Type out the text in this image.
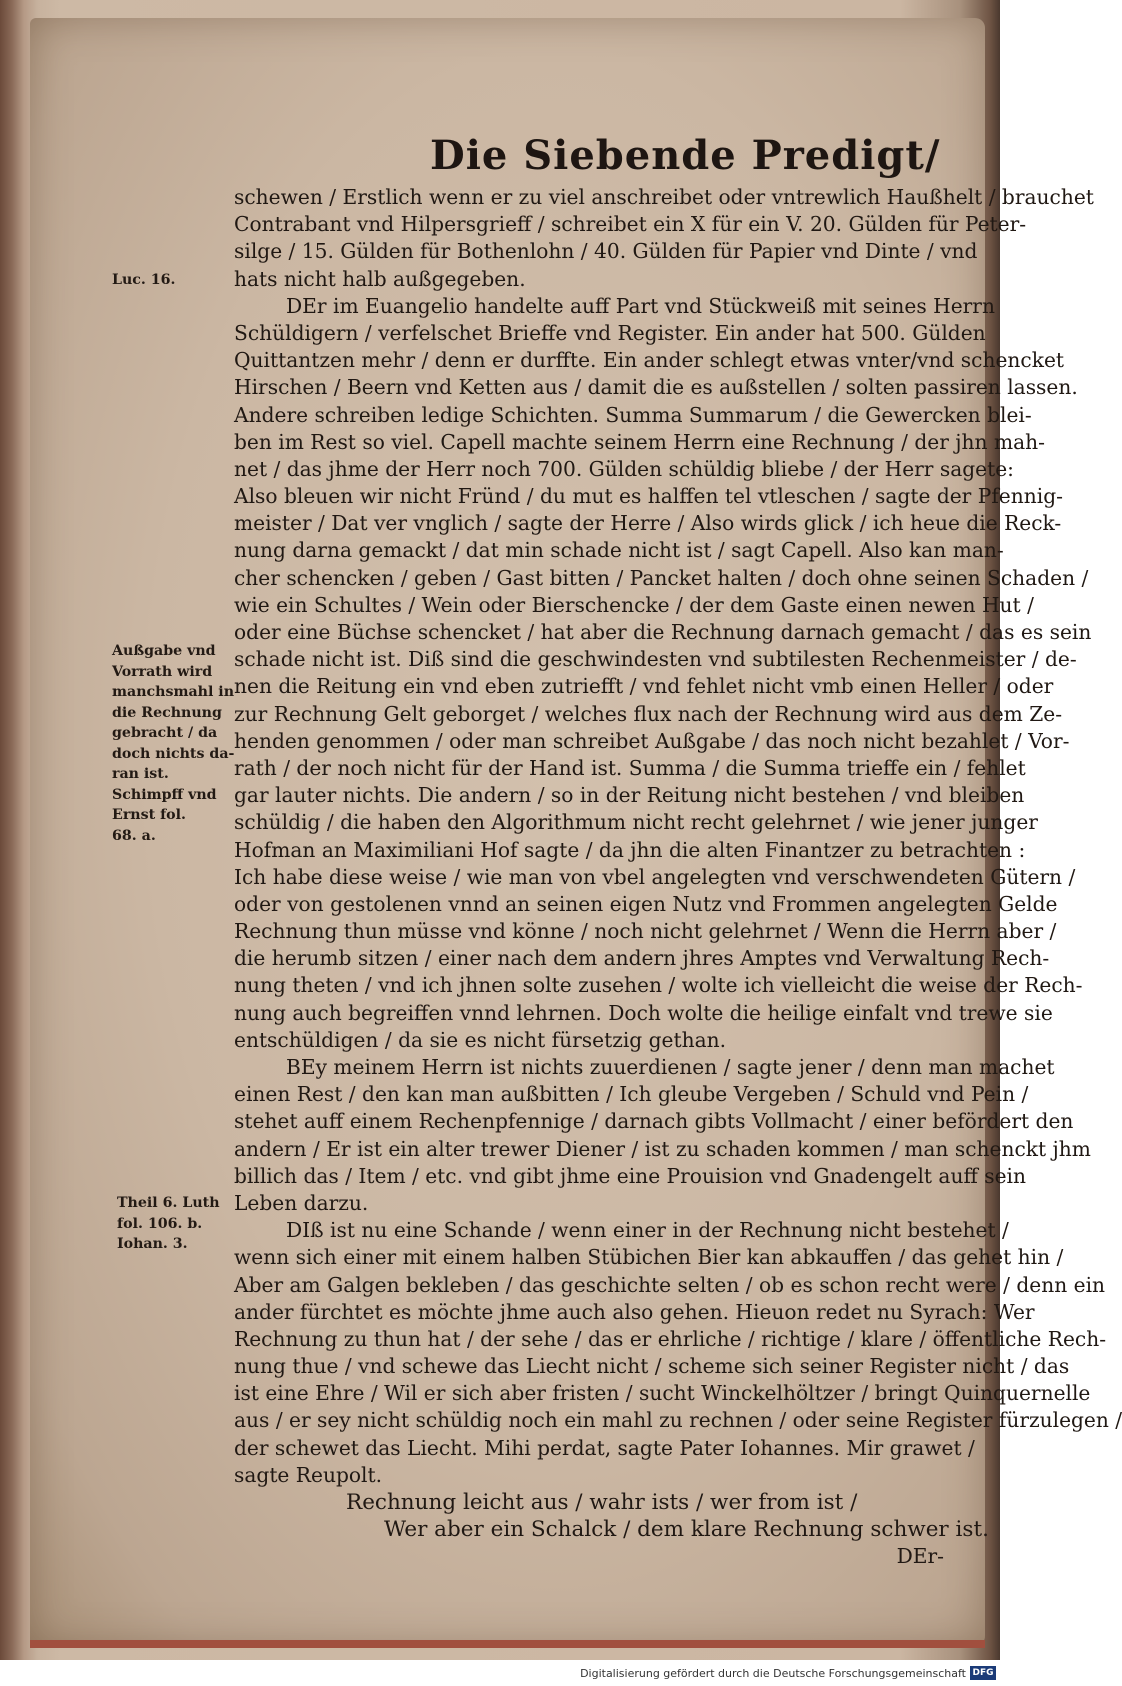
Die Siebende Predigt/
schewen / Erstlich wenn er zu viel anschreibet oder vntrewlich Haußhelt / brauchet
Contrabant vnd Hilpersgrieff / schreibet ein X für ein V. 20. Gülden für Peter-
silge / 15. Gülden für Bothenlohn / 40. Gülden für Papier vnd Dinte / vnd
hats nicht halb außgegeben.
DEr im Euangelio handelte auff Part vnd Stückweiß mit seines Herrn
Schüldigern / verfelschet Brieffe vnd Register. Ein ander hat 500. Gülden
Quittantzen mehr / denn er durffte. Ein ander schlegt etwas vnter/vnd schencket
Hirschen / Beern vnd Ketten aus / damit die es außstellen / solten passiren lassen.
Andere schreiben ledige Schichten. Summa Summarum / die Gewercken blei-
ben im Rest so viel. Capell machte seinem Herrn eine Rechnung / der jhn mah-
net / das jhme der Herr noch 700. Gülden schüldig bliebe / der Herr sagete:
Also bleuen wir nicht Fründ / du mut es halffen tel vtleschen / sagte der Pfennig-
meister / Dat ver vnglich / sagte der Herre / Also wirds glick / ich heue die Reck-
nung darna gemackt / dat min schade nicht ist / sagt Capell. Also kan man-
cher schencken / geben / Gast bitten / Pancket halten / doch ohne seinen Schaden /
wie ein Schultes / Wein oder Bierschencke / der dem Gaste einen newen Hut /
oder eine Büchse schencket / hat aber die Rechnung darnach gemacht / das es sein
schade nicht ist. Diß sind die geschwindesten vnd subtilesten Rechenmeister / de-
nen die Reitung ein vnd eben zutriefft / vnd fehlet nicht vmb einen Heller / oder
zur Rechnung Gelt geborget / welches flux nach der Rechnung wird aus dem Ze-
henden genommen / oder man schreibet Außgabe / das noch nicht bezahlet / Vor-
rath / der noch nicht für der Hand ist. Summa / die Summa trieffe ein / fehlet
gar lauter nichts. Die andern / so in der Reitung nicht bestehen / vnd bleiben
schüldig / die haben den Algorithmum nicht recht gelehrnet / wie jener junger
Hofman an Maximiliani Hof sagte / da jhn die alten Finantzer zu betrachten :
Ich habe diese weise / wie man von vbel angelegten vnd verschwendeten Gütern /
oder von gestolenen vnnd an seinen eigen Nutz vnd Frommen angelegten Gelde
Rechnung thun müsse vnd könne / noch nicht gelehrnet / Wenn die Herrn aber /
die herumb sitzen / einer nach dem andern jhres Amptes vnd Verwaltung Rech-
nung theten / vnd ich jhnen solte zusehen / wolte ich vielleicht die weise der Rech-
nung auch begreiffen vnnd lehrnen. Doch wolte die heilige einfalt vnd trewe sie
entschüldigen / da sie es nicht fürsetzig gethan.
BEy meinem Herrn ist nichts zuuerdienen / sagte jener / denn man machet
einen Rest / den kan man außbitten / Ich gleube Vergeben / Schuld vnd Pein /
stehet auff einem Rechenpfennige / darnach gibts Vollmacht / einer befördert den
andern / Er ist ein alter trewer Diener / ist zu schaden kommen / man schenckt jhm
billich das / Item / etc. vnd gibt jhme eine Prouision vnd Gnadengelt auff sein
Leben darzu.
DIß ist nu eine Schande / wenn einer in der Rechnung nicht bestehet /
wenn sich einer mit einem halben Stübichen Bier kan abkauffen / das gehet hin /
Aber am Galgen bekleben / das geschichte selten / ob es schon recht were / denn ein
ander fürchtet es möchte jhme auch also gehen. Hieuon redet nu Syrach: Wer
Rechnung zu thun hat / der sehe / das er ehrliche / richtige / klare / öffentliche Rech-
nung thue / vnd schewe das Liecht nicht / scheme sich seiner Register nicht / das
ist eine Ehre / Wil er sich aber fristen / sucht Winckelhöltzer / bringt Quinquernelle
aus / er sey nicht schüldig noch ein mahl zu rechnen / oder seine Register fürzulegen /
der schewet das Liecht. Mihi perdat, sagte Pater Iohannes. Mir grawet /
sagte Reupolt.
Rechnung leicht aus / wahr ists / wer from ist /
Wer aber ein Schalck / dem klare Rechnung schwer ist.
DEr-
Luc. 16.
Außgabe vnd
Vorrath wird
manchsmahl in
die Rechnung
gebracht / da
doch nichts da-
ran ist.
Schimpff vnd
Ernst fol.
68. a.
Theil 6. Luth
fol. 106. b.
Iohan. 3.
Digitalisierung gefördert durch die Deutsche Forschungsgemeinschaft DFG
